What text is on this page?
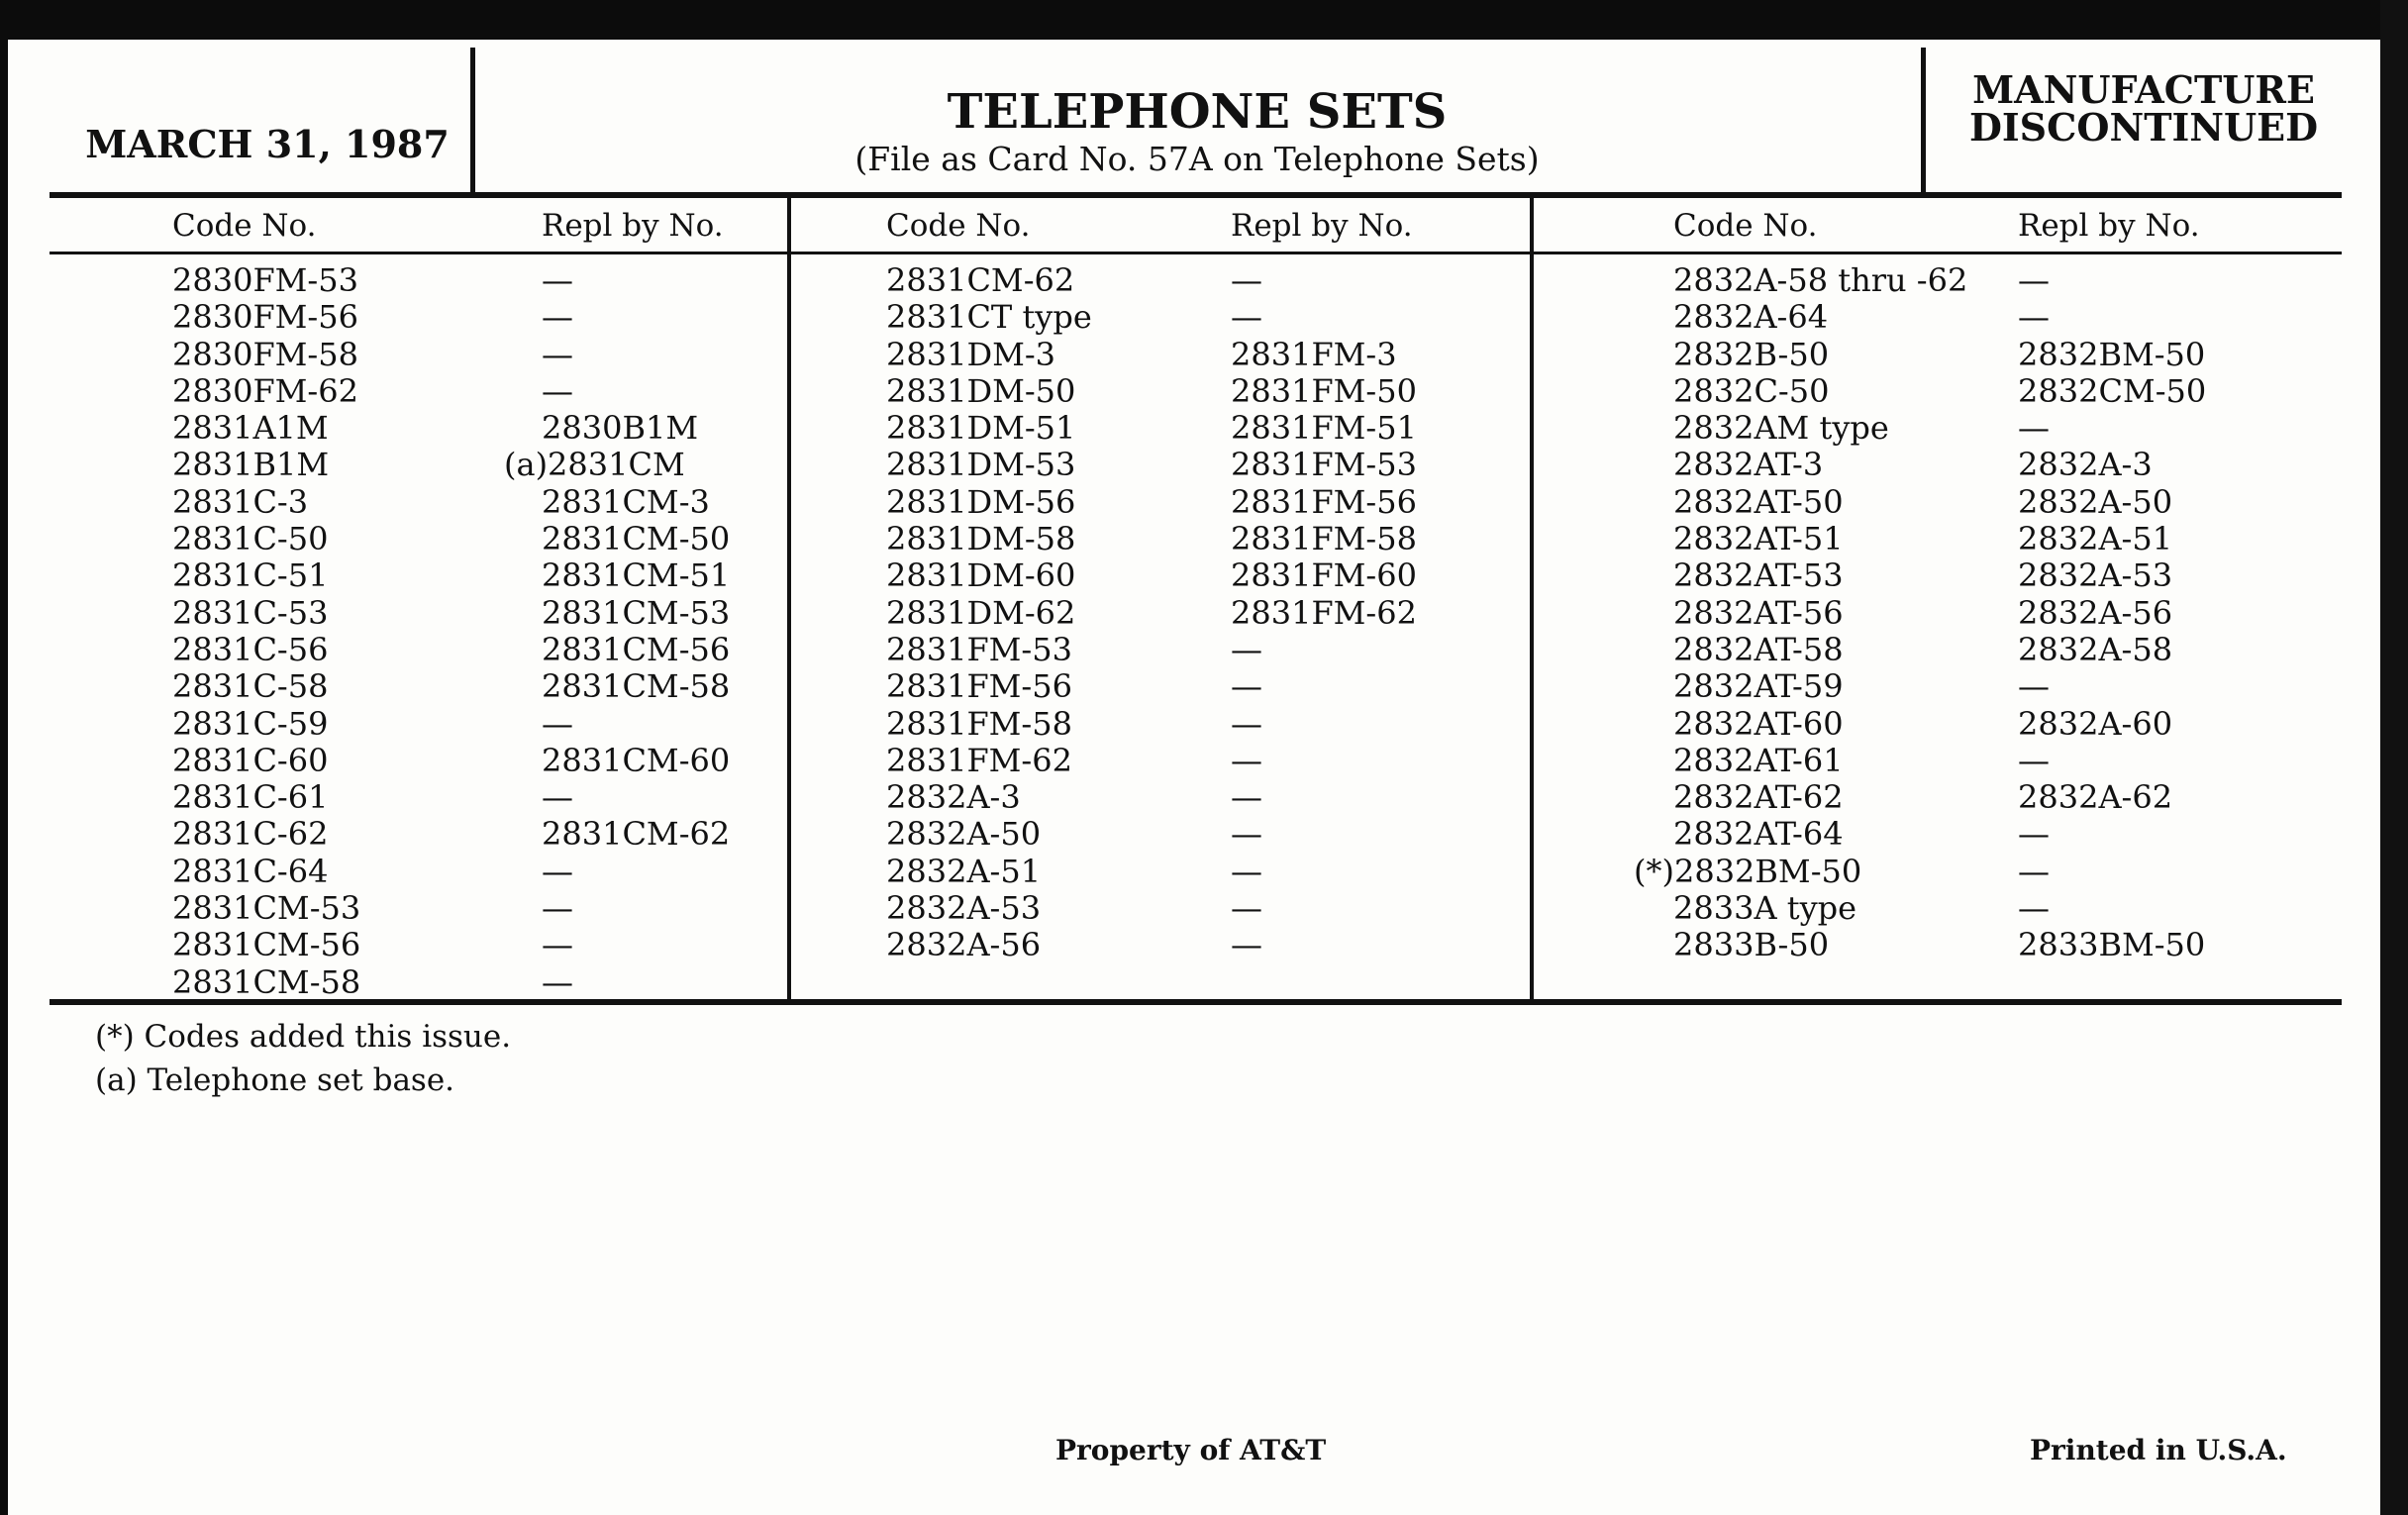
MARCH 31, 1987
TELEPHONE SETS
(File as Card No. 57A on Telephone Sets)
MANUFACTURE
DISCONTINUED
Code No.	Repl by No.	Code No.	Repl by No.	Code No.	Repl by No.
2830FM-53	—
2830FM-56	—
2830FM-58	—
2830FM-62	—
2831A1M	2830B1M
2831B1M	(a)2831CM
2831C-3	2831CM-3
2831C-50	2831CM-50
2831C-51	2831CM-51
2831C-53	2831CM-53
2831C-56	2831CM-56
2831C-58	2831CM-58
2831C-59	—
2831C-60	2831CM-60
2831C-61	—
2831C-62	2831CM-62
2831C-64	—
2831CM-53	—
2831CM-56	—
2831CM-58	—
2831CM-62	—
2831CT type	—
2831DM-3	2831FM-3
2831DM-50	2831FM-50
2831DM-51	2831FM-51
2831DM-53	2831FM-53
2831DM-56	2831FM-56
2831DM-58	2831FM-58
2831DM-60	2831FM-60
2831DM-62	2831FM-62
2831FM-53	—
2831FM-56	—
2831FM-58	—
2831FM-62	—
2832A-3	—
2832A-50	—
2832A-51	—
2832A-53	—
2832A-56	—
2832A-58 thru -62 —
2832A-64	—
2832B-50	2832BM-50
2832C-50	2832CM-50
2832AM type	—
2832AT-3	2832A-3
2832AT-50	2832A-50
2832AT-51	2832A-51
2832AT-53	2832A-53
2832AT-56	2832A-56
2832AT-58	2832A-58
2832AT-59	—
2832AT-60	2832A-60
2832AT-61	—
2832AT-62	2832A-62
2832AT-64	—
(*)2832BM-50	—
2833A type	—
2833B-50	2833BM-50
(*) Codes added this issue.
(a) Telephone set base.
Property of AT&T	Printed in U.S.A.
